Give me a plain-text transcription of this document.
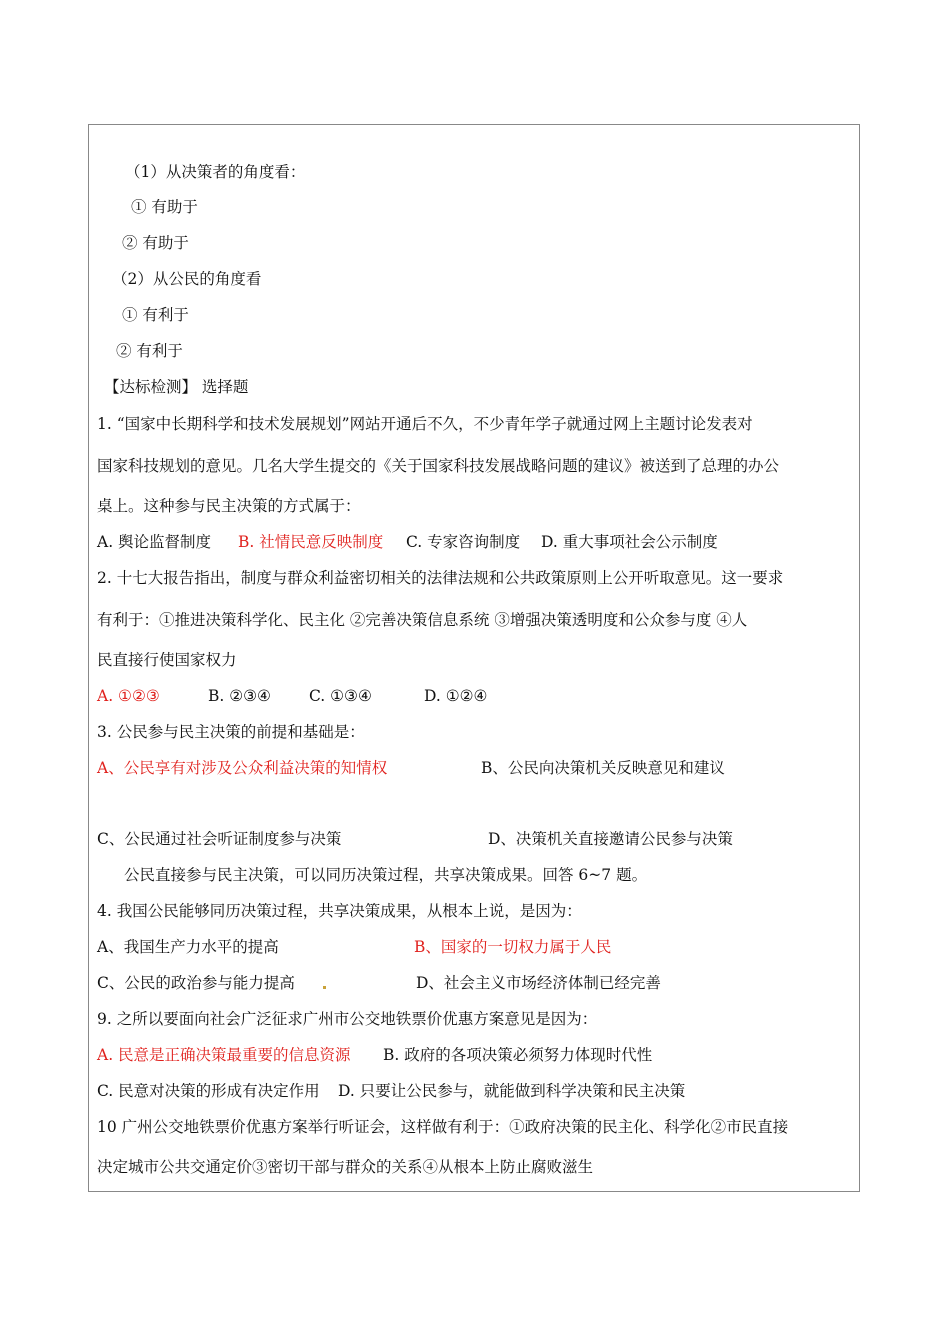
（1）从决策者的角度看：
① 有助于
② 有助于
（2）从公民的角度看
① 有利于
② 有利于
【达标检测】 选择题
1. “国家中长期科学和技术发展规划”网站开通后不久，不少青年学子就通过网上主题讨论发表对
国家科技规划的意见。几名大学生提交的《关于国家科技发展战略问题的建议》被送到了总理的办公
桌上。这种参与民主决策的方式属于：
A. 舆论监督制度 B. 社情民意反映制度 C. 专家咨询制度 D. 重大事项社会公示制度
2. 十七大报告指出，制度与群众利益密切相关的法律法规和公共政策原则上公开听取意见。这一要求
有利于：①推进决策科学化、民主化 ②完善决策信息系统 ③增强决策透明度和公众参与度 ④人
民直接行使国家权力
A. ①②③	B. ②③④ C. ①③④	D. ①②④
3. 公民参与民主决策的前提和基础是：
A、公民享有对涉及公众利益决策的知情权	B、公民向决策机关反映意见和建议
C、公民通过社会听证制度参与决策	D、决策机关直接邀请公民参与决策
公民直接参与民主决策，可以同历决策过程，共享决策成果。回答 6~7 题。
4. 我国公民能够同历决策过程，共享决策成果，从根本上说，是因为：
A、我国生产力水平的提高	B、国家的一切权力属于人民
C、公民的政治参与能力提高	D、社会主义市场经济体制已经完善
9. 之所以要面向社会广泛征求广州市公交地铁票价优惠方案意见是因为：
A. 民意是正确决策最重要的信息资源 B. 政府的各项决策必须努力体现时代性
C. 民意对决策的形成有决定作用 D. 只要让公民参与，就能做到科学决策和民主决策
10 广州公交地铁票价优惠方案举行听证会，这样做有利于：①政府决策的民主化、科学化②市民直接
决定城市公共交通定价③密切干部与群众的关系④从根本上防止腐败滋生
